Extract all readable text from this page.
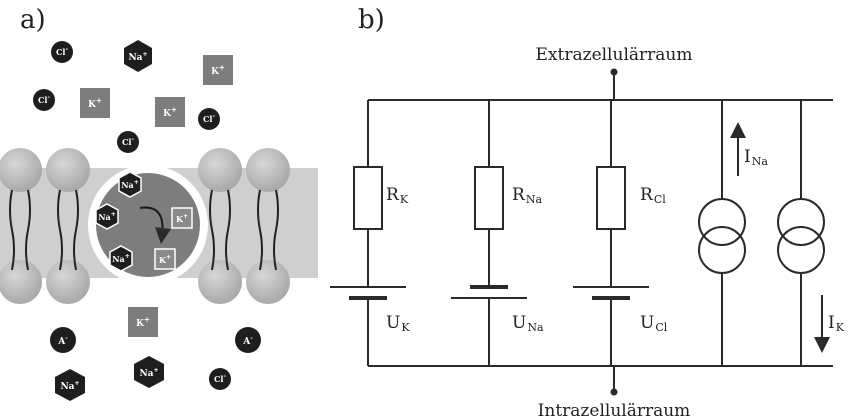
a)
Na+
Na+
Na+
K+
K+
Cl-
Na+
K+
Cl-
K+
K+
Cl-
Cl-
K+
A-	A-
Na+
Na+
Cl-
b)
Extrazellulärraum
Intrazellulärraum
RK
UK
RNa
UNa
RCl
UCl
INa
IK
